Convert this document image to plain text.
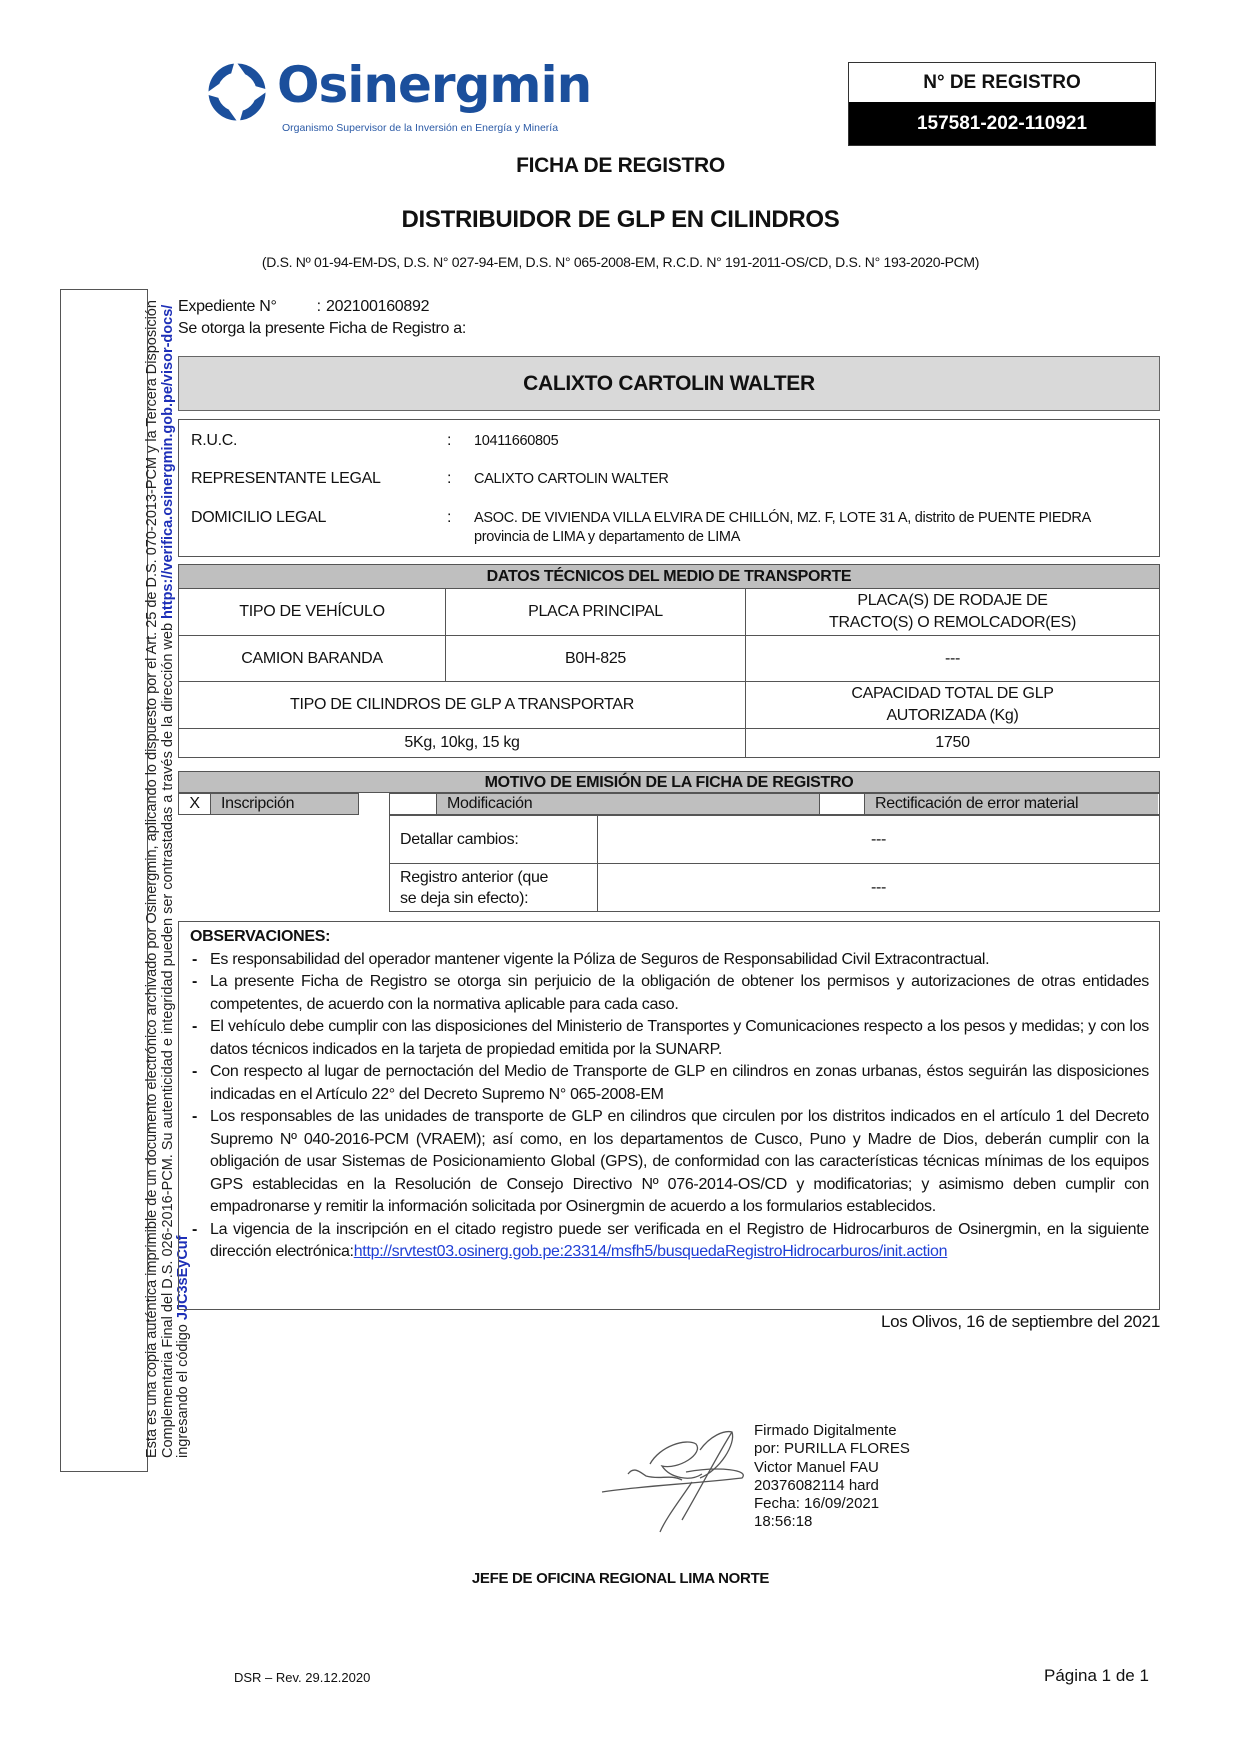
Osinergmin
Organismo Supervisor de la Inversión en Energía y Minería
N° DE REGISTRO
157581-202-110921
FICHA DE REGISTRO
DISTRIBUIDOR DE GLP EN CILINDROS
(D.S. Nº 01-94-EM-DS, D.S. N° 027-94-EM, D.S. N° 065-2008-EM, R.C.D. N° 191-2011-OS/CD, D.S. N° 193-2020-PCM)
Esta es una copia auténtica imprimible de un documento electrónico archivado por Osinergmin, aplicando lo dispuesto por el Art. 25 de D.S. 070-2013-PCM y la Tercera Disposición Complementaria Final del D.S. 026-2016-PCM. Su autenticidad e integridad pueden ser contrastadas a través de la dirección web https://verifica.osinergmin.gob.pe/visor-docs/
ingresando el código JJC3sEyCuf
Expediente N°	: 202100160892
Se otorga la presente Ficha de Registro a:
CALIXTO CARTOLIN WALTER
R.U.C.	:	10411660805
REPRESENTANTE LEGAL	:	CALIXTO CARTOLIN WALTER
DOMICILIO LEGAL	:	ASOC. DE VIVIENDA VILLA ELVIRA DE CHILLÓN, MZ. F, LOTE 31 A, distrito de PUENTE PIEDRA provincia de LIMA y departamento de LIMA
DATOS TÉCNICOS DEL MEDIO DE TRANSPORTE		
TIPO DE VEHÍCULO	PLACA PRINCIPAL	PLACA(S) DE RODAJE DE
TRACTO(S) O REMOLCADOR(ES)

CAMION BARANDA	B0H-825	---
TIPO DE CILINDROS DE GLP A TRANSPORTAR		CAPACIDAD TOTAL DE GLP
AUTORIZADA (Kg)

5Kg, 10kg, 15 kg		1750
MOTIVO DE EMISIÓN DE LA FICHA DE REGISTRO
X	Inscripción	Modificación	Rectificación de error material
Detallar cambios:	---

Registro anterior (que
se deja sin efecto):	---
OBSERVACIONES:
- Es responsabilidad del operador mantener vigente la Póliza de Seguros de Responsabilidad Civil Extracontractual.
- La presente Ficha de Registro se otorga sin perjuicio de la obligación de obtener los permisos y autorizaciones de otras entidades competentes, de acuerdo con la normativa aplicable para cada caso.
- El vehículo debe cumplir con las disposiciones del Ministerio de Transportes y Comunicaciones respecto a los pesos y medidas; y con los datos técnicos indicados en la tarjeta de propiedad emitida por la SUNARP.
- Con respecto al lugar de pernoctación del Medio de Transporte de GLP en cilindros en zonas urbanas, éstos seguirán las disposiciones indicadas en el Artículo 22° del Decreto Supremo N° 065-2008-EM
- Los responsables de las unidades de transporte de GLP en cilindros que circulen por los distritos indicados en el artículo 1 del Decreto Supremo Nº 040-2016-PCM (VRAEM); así como, en los departamentos de Cusco, Puno y Madre de Dios, deberán cumplir con la obligación de usar Sistemas de Posicionamiento Global (GPS), de conformidad con las características técnicas mínimas de los equipos GPS establecidas en la Resolución de Consejo Directivo Nº 076-2014-OS/CD y modificatorias; y asimismo deben cumplir con empadronarse y remitir la información solicitada por Osinergmin de acuerdo a los formularios establecidos.
- La vigencia de la inscripción en el citado registro puede ser verificada en el Registro de Hidrocarburos de Osinergmin, en la siguiente dirección electrónica:http://srvtest03.osinerg.gob.pe:23314/msfh5/busquedaRegistroHidrocarburos/init.action
Los Olivos, 16 de septiembre del 2021
Firmado Digitalmente
por: PURILLA FLORES
Victor Manuel FAU
20376082114 hard
Fecha: 16/09/2021
18:56:18
JEFE DE OFICINA REGIONAL LIMA NORTE
DSR – Rev. 29.12.2020	Página 1 de 1
